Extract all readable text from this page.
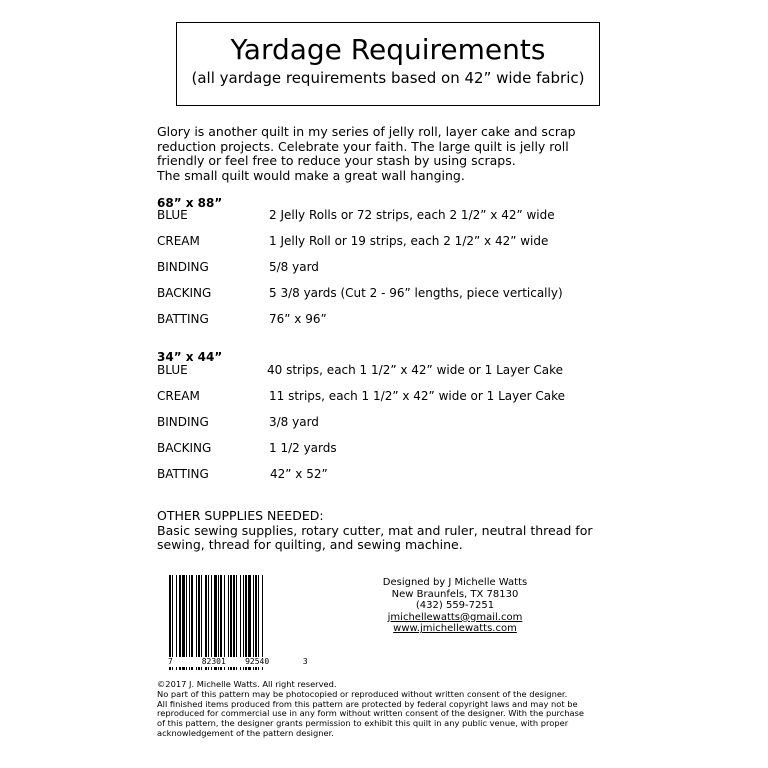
Yardage Requirements
(all yardage requirements based on 42” wide fabric)
Glory is another quilt in my series of jelly roll, layer cake and scrap
reduction projects. Celebrate your faith. The large quilt is jelly roll
friendly or feel free to reduce your stash by using scraps.
The small quilt would make a great wall hanging.
68” x 88”
BLUE	2 Jelly Rolls or 72 strips, each 2 1/2” x 42” wide
CREAM	1 Jelly Roll or 19 strips, each 2 1/2” x 42” wide
BINDING	5/8 yard
BACKING	5 3/8 yards (Cut 2 - 96” lengths, piece vertically)
BATTING	76” x 96”
34” x 44”
BLUE	40 strips, each 1 1/2” x 42” wide or 1 Layer Cake
CREAM	11 strips, each 1 1/2” x 42” wide or 1 Layer Cake
BINDING	3/8 yard
BACKING	1 1/2 yards
BATTING	42” x 52”
OTHER SUPPLIES NEEDED:
Basic sewing supplies, rotary cutter, mat and ruler, neutral thread for
sewing, thread for quilting, and sewing machine.
7	82301 92540	3
Designed by J Michelle Watts
New Braunfels, TX 78130
(432) 559-7251
jmichellewatts@gmail.com
www.jmichellewatts.com
©2017 J. Michelle Watts. All right reserved.
No part of this pattern may be photocopied or reproduced without written consent of the designer.
All finished items produced from this pattern are protected by federal copyright laws and may not be
reproduced for commercial use in any form without written consent of the designer. With the purchase
of this pattern, the designer grants permission to exhibit this quilt in any public venue, with proper
acknowledgement of the pattern designer.
